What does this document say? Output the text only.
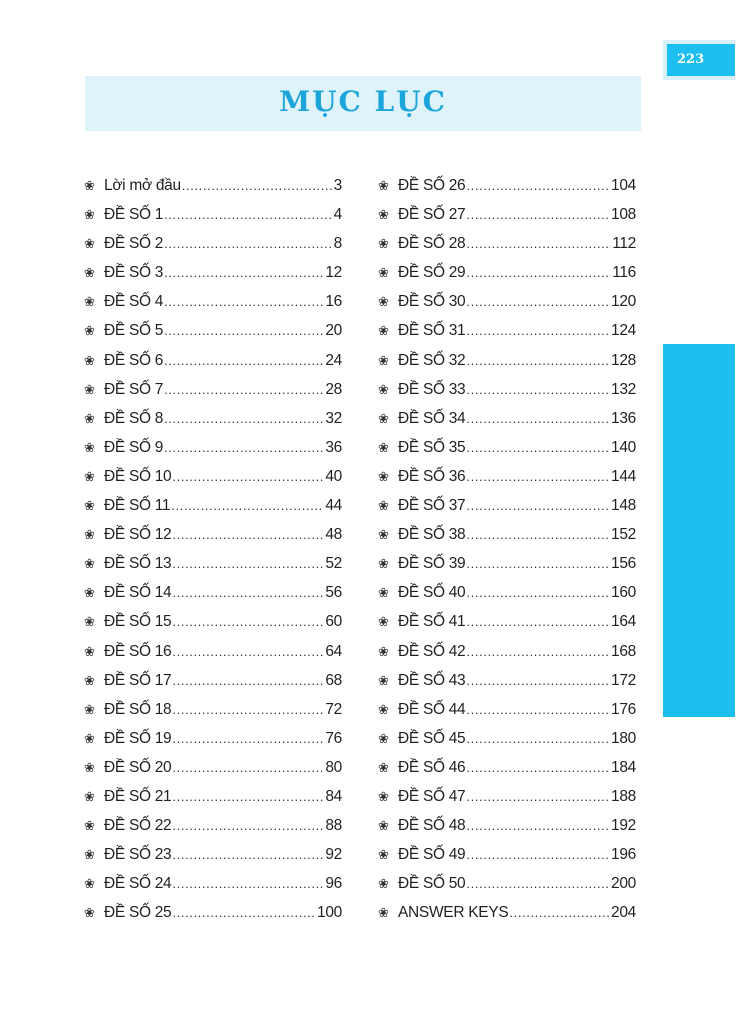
223
MỤC LỤC
❀ Lời mở đầu .....	3
❀ ĐỀ SỐ 1 .....	4
❀ ĐỀ SỐ 2 .....	8
❀ ĐỀ SỐ 3 .....	12
❀ ĐỀ SỐ 4 .....	16
❀ ĐỀ SỐ 5 .....	20
❀ ĐỀ SỐ 6 .....	24
❀ ĐỀ SỐ 7 .....	28
❀ ĐỀ SỐ 8 .....	32
❀ ĐỀ SỐ 9 .....	36
❀ ĐỀ SỐ 10 .....	40
❀ ĐỀ SỐ 11 .....	44
❀ ĐỀ SỐ 12 .....	48
❀ ĐỀ SỐ 13 .....	52
❀ ĐỀ SỐ 14 .....	56
❀ ĐỀ SỐ 15 .....	60
❀ ĐỀ SỐ 16 .....	64
❀ ĐỀ SỐ 17 .....	68
❀ ĐỀ SỐ 18 .....	72
❀ ĐỀ SỐ 19 .....	76
❀ ĐỀ SỐ 20 .....	80
❀ ĐỀ SỐ 21 .....	84
❀ ĐỀ SỐ 22 .....	88
❀ ĐỀ SỐ 23 .....	92
❀ ĐỀ SỐ 24 .....	96
❀ ĐỀ SỐ 25 .....	100
❀ ĐỀ SỐ 26 .....	104
❀ ĐỀ SỐ 27 .....	108
❀ ĐỀ SỐ 28 .....	112
❀ ĐỀ SỐ 29 .....	116
❀ ĐỀ SỐ 30 .....	120
❀ ĐỀ SỐ 31 .....	124
❀ ĐỀ SỐ 32 .....	128
❀ ĐỀ SỐ 33 .....	132
❀ ĐỀ SỐ 34 .....	136
❀ ĐỀ SỐ 35 .....	140
❀ ĐỀ SỐ 36 .....	144
❀ ĐỀ SỐ 37 .....	148
❀ ĐỀ SỐ 38 .....	152
❀ ĐỀ SỐ 39 .....	156
❀ ĐỀ SỐ 40 .....	160
❀ ĐỀ SỐ 41 .....	164
❀ ĐỀ SỐ 42 .....	168
❀ ĐỀ SỐ 43 .....	172
❀ ĐỀ SỐ 44 .....	176
❀ ĐỀ SỐ 45 .....	180
❀ ĐỀ SỐ 46 .....	184
❀ ĐỀ SỐ 47 .....	188
❀ ĐỀ SỐ 48 .....	192
❀ ĐỀ SỐ 49 .....	196
❀ ĐỀ SỐ 50 .....	200
❀ ANSWER KEYS .....	204
